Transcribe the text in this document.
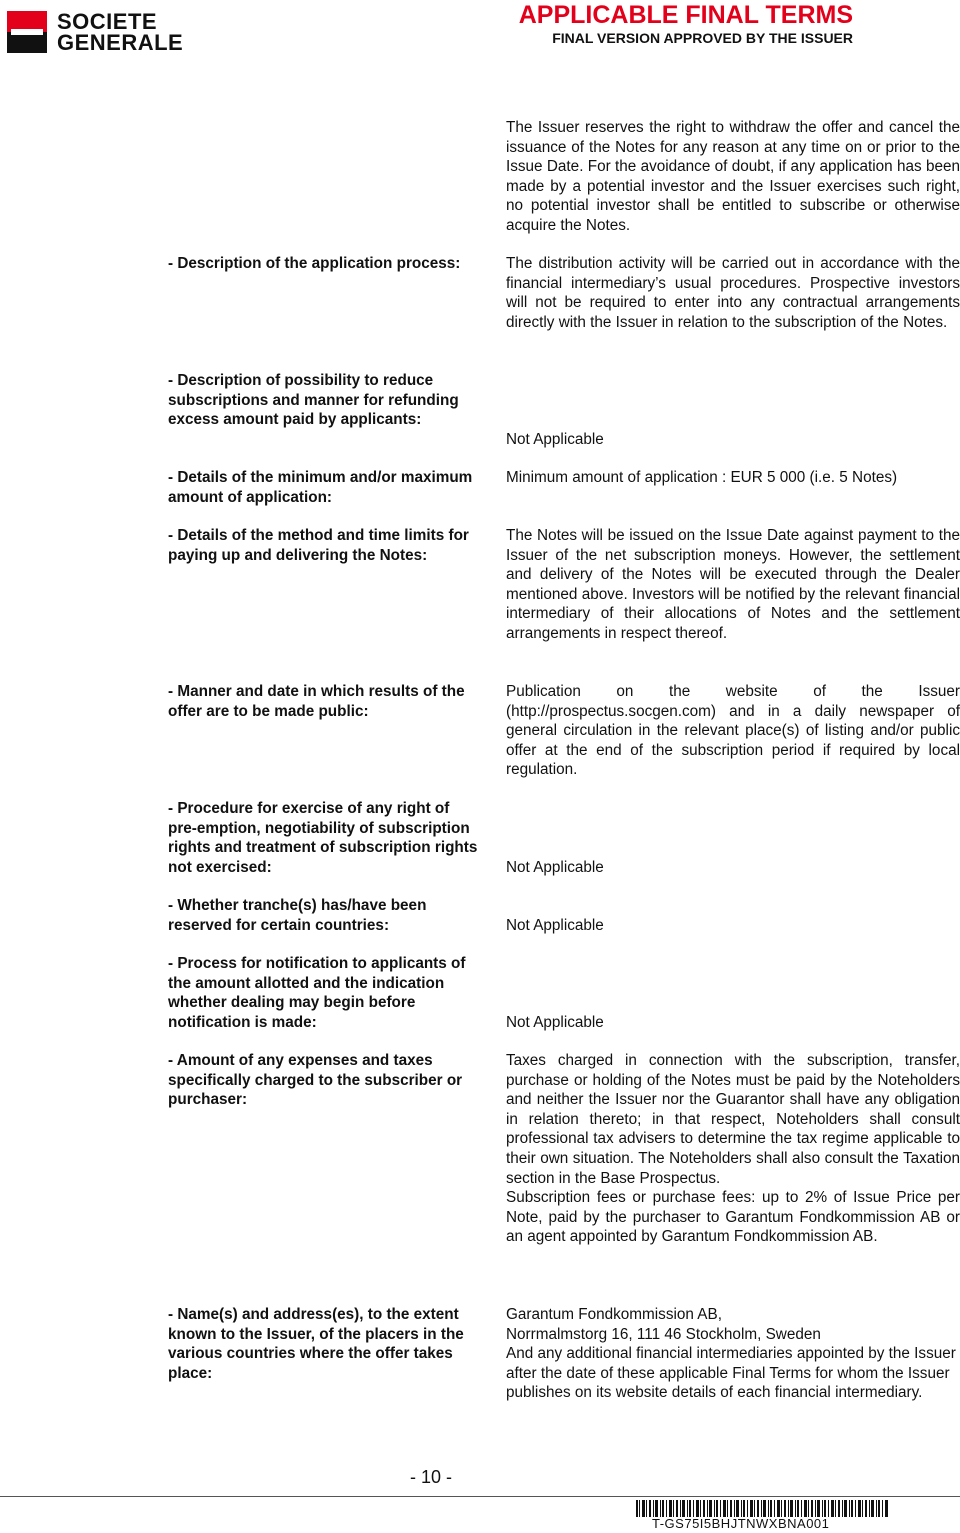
SOCIETE
GENERALE
APPLICABLE FINAL TERMS
FINAL VERSION APPROVED BY THE ISSUER
The Issuer reserves the right to withdraw the offer and cancel the issuance of the Notes for any reason at any time on or prior to the Issue Date. For the avoidance of doubt, if any application has been made by a potential investor and the Issuer exercises such right, no potential investor shall be entitled to subscribe or otherwise acquire the Notes.
- Description of the application process:	The distribution activity will be carried out in accordance with the financial intermediary’s usual procedures. Prospective investors will not be required to enter into any contractual arrangements directly with the Issuer in relation to the subscription of the Notes.
- Description of possibility to reduce subscriptions and manner for refunding excess amount paid by applicants:
Not Applicable
- Details of the minimum and/or maximum amount of application:
Minimum amount of application : EUR 5 000 (i.e. 5 Notes)
- Details of the method and time limits for paying up and delivering the Notes:
The Notes will be issued on the Issue Date against payment to the Issuer of the net subscription moneys. However, the settlement and delivery of the Notes will be executed through the Dealer mentioned above. Investors will be notified by the relevant financial intermediary of their allocations of Notes and the settlement arrangements in respect thereof.
- Manner and date in which results of the offer are to be made public:
Publication on the website of the Issuer (http://prospectus.socgen.com) and in a daily newspaper of general circulation in the relevant place(s) of listing and/or public offer at the end of the subscription period if required by local regulation.
- Procedure for exercise of any right of pre-emption, negotiability of subscription rights and treatment of subscription rights not exercised:	Not Applicable
- Whether tranche(s) has/have been reserved for certain countries:	Not Applicable
- Process for notification to applicants of the amount allotted and the indication whether dealing may begin before notification is made:	Not Applicable
- Amount of any expenses and taxes specifically charged to the subscriber or purchaser:
Taxes charged in connection with the subscription, transfer, purchase or holding of the Notes must be paid by the Noteholders and neither the Issuer nor the Guarantor shall have any obligation in relation thereto; in that respect, Noteholders shall consult professional tax advisers to determine the tax regime applicable to their own situation. The Noteholders shall also consult the Taxation section in the Base Prospectus.
Subscription fees or purchase fees: up to 2% of Issue Price per Note, paid by the purchaser to Garantum Fondkommission AB or an agent appointed by Garantum Fondkommission AB.
- Name(s) and address(es), to the extent known to the Issuer, of the placers in the various countries where the offer takes place:
Garantum Fondkommission AB,
Norrmalmstorg 16, 111 46 Stockholm, Sweden
And any additional financial intermediaries appointed by the Issuer after the date of these applicable Final Terms for whom the Issuer publishes on its website details of each financial intermediary.
- 10 -
T-GS75I5BHJTNWXBNA001
